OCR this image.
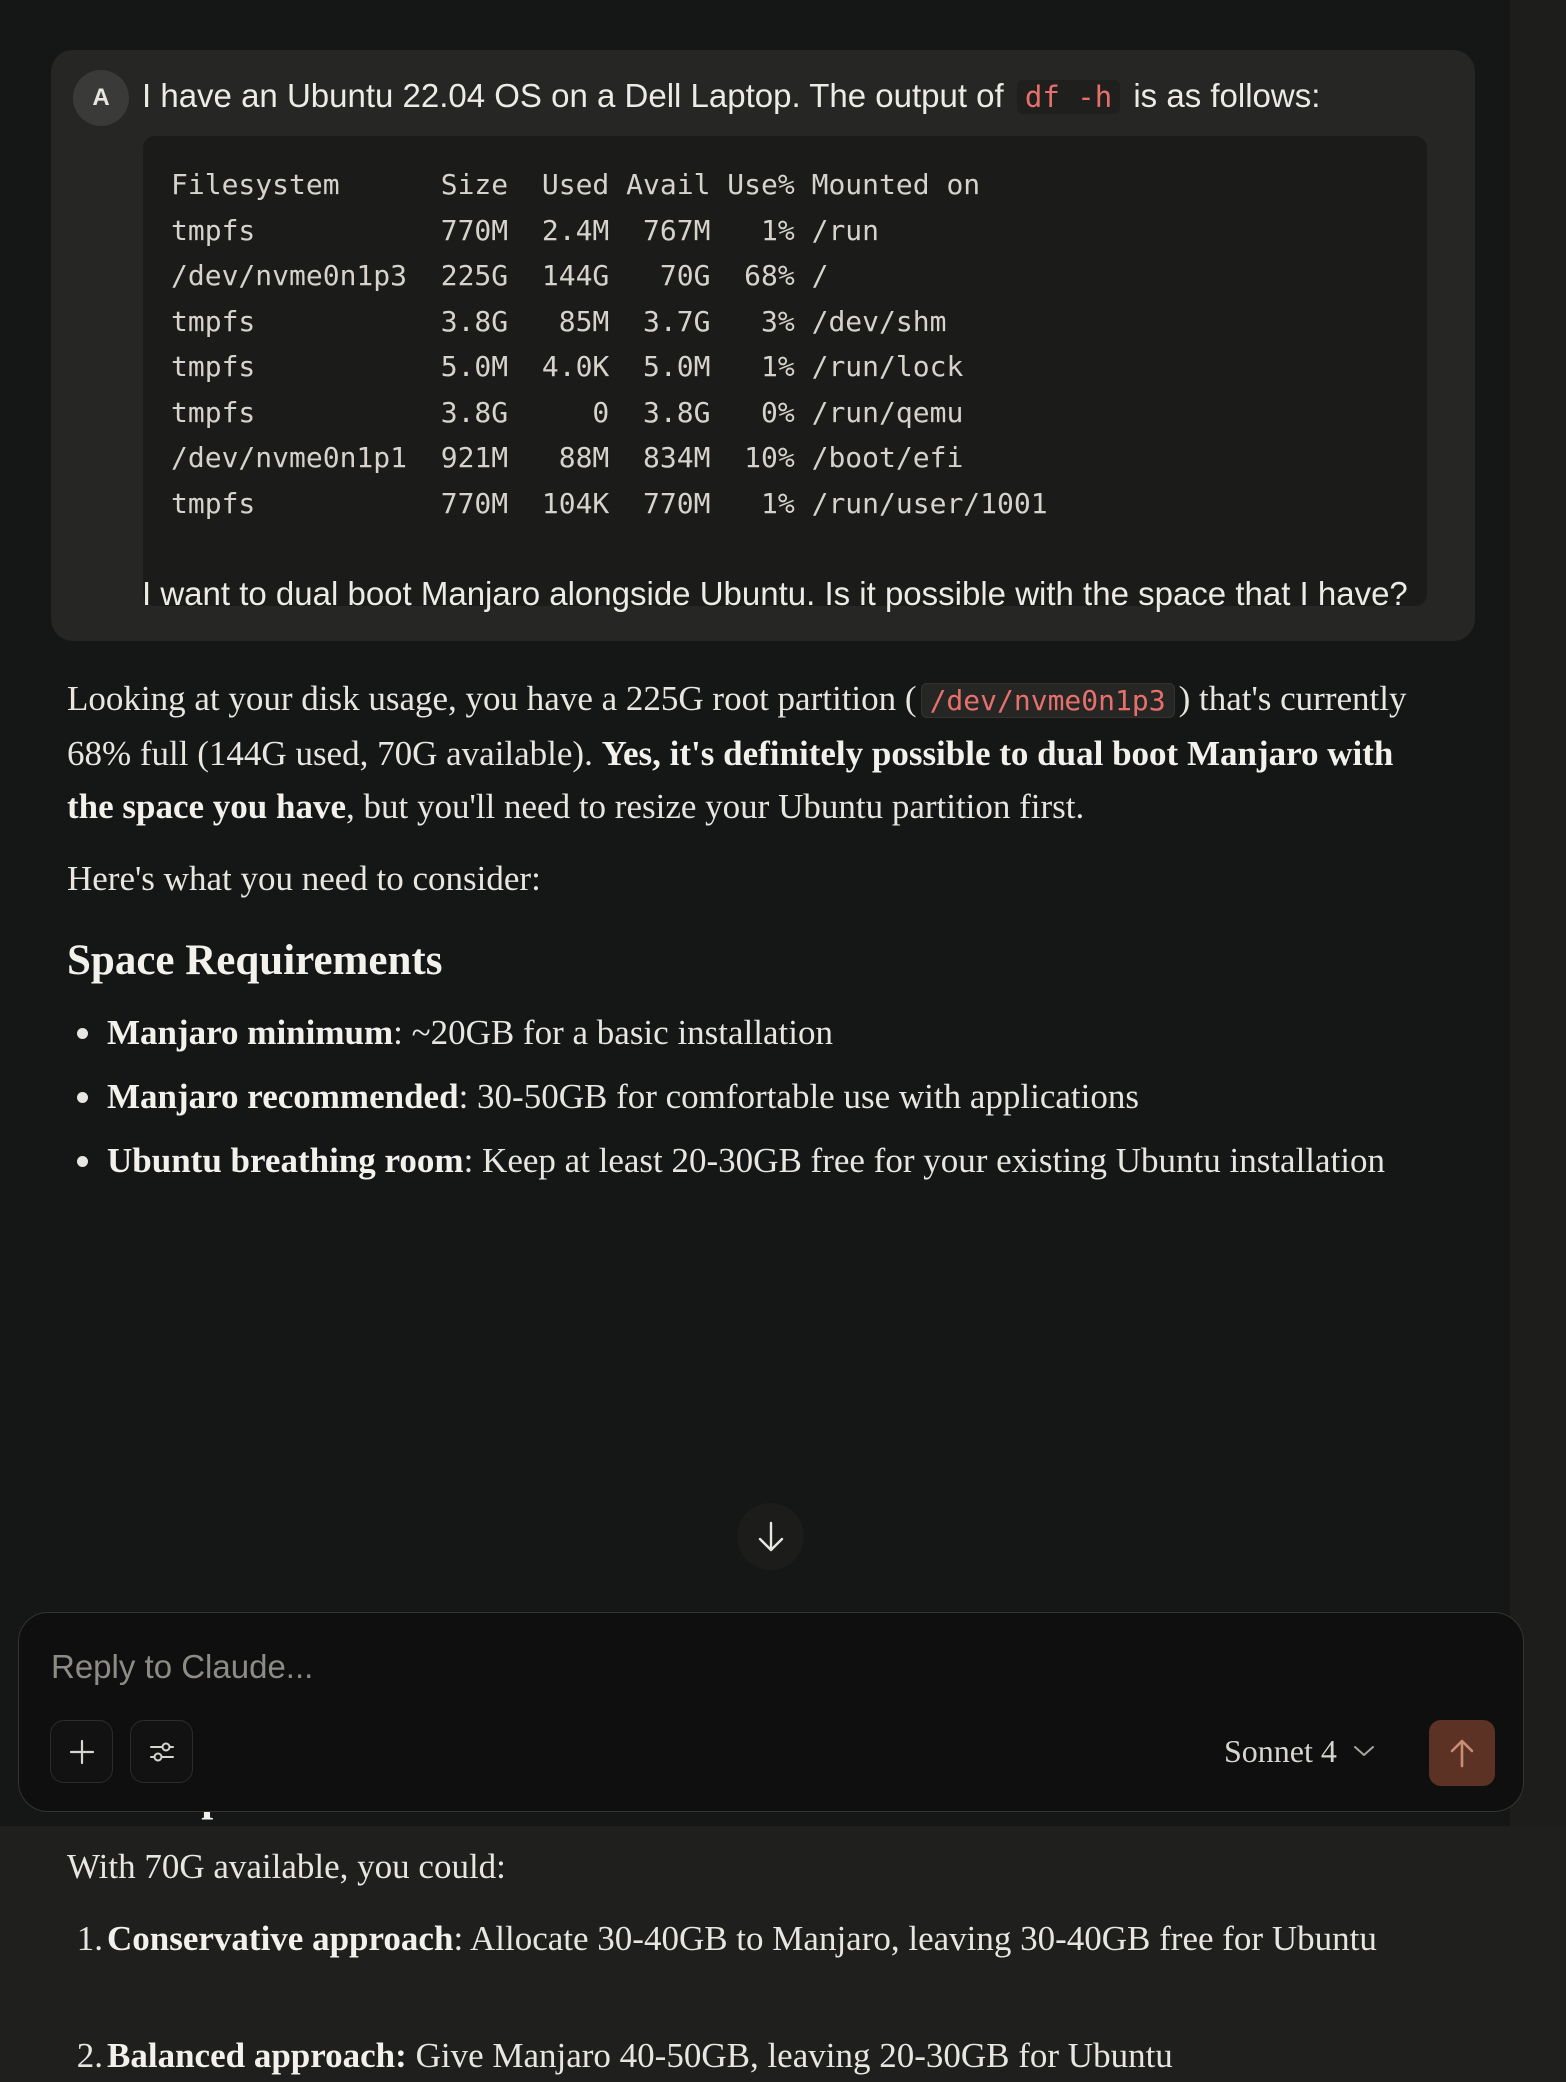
A I have an Ubuntu 22.04 OS on a Dell Laptop. The output of df -h is as follows:
Filesystem      Size  Used Avail Use% Mounted on
tmpfs           770M  2.4M  767M   1% /run
/dev/nvme0n1p3  225G  144G   70G  68% /
tmpfs           3.8G   85M  3.7G   3% /dev/shm
tmpfs           5.0M  4.0K  5.0M   1% /run/lock
tmpfs           3.8G     0  3.8G   0% /run/qemu
/dev/nvme0n1p1  921M   88M  834M  10% /boot/efi
tmpfs           770M  104K  770M   1% /run/user/1001
I want to dual boot Manjaro alongside Ubuntu. Is it possible with the space that I have?

Looking at your disk usage, you have a 225G root partition ( /dev/nvme0n1p3 ) that's currently 68% full (144G used, 70G available). Yes, it's definitely possible to dual boot Manjaro with the space you have, but you'll need to resize your Ubuntu partition first.

Here's what you need to consider:

Space Requirements
Manjaro minimum: ~20GB for a basic installation
Manjaro recommended: 30-50GB for comfortable use with applications
Ubuntu breathing room: Keep at least 20-30GB free for your existing Ubuntu installation

With 70G available, you could:

1. Conservative approach: Allocate 30-40GB to Manjaro, leaving 30-40GB free for Ubuntu
2. Balanced approach: Give Manjaro 40-50GB, leaving 20-30GB for Ubuntu
Reply to Claude...
Sonnet 4
